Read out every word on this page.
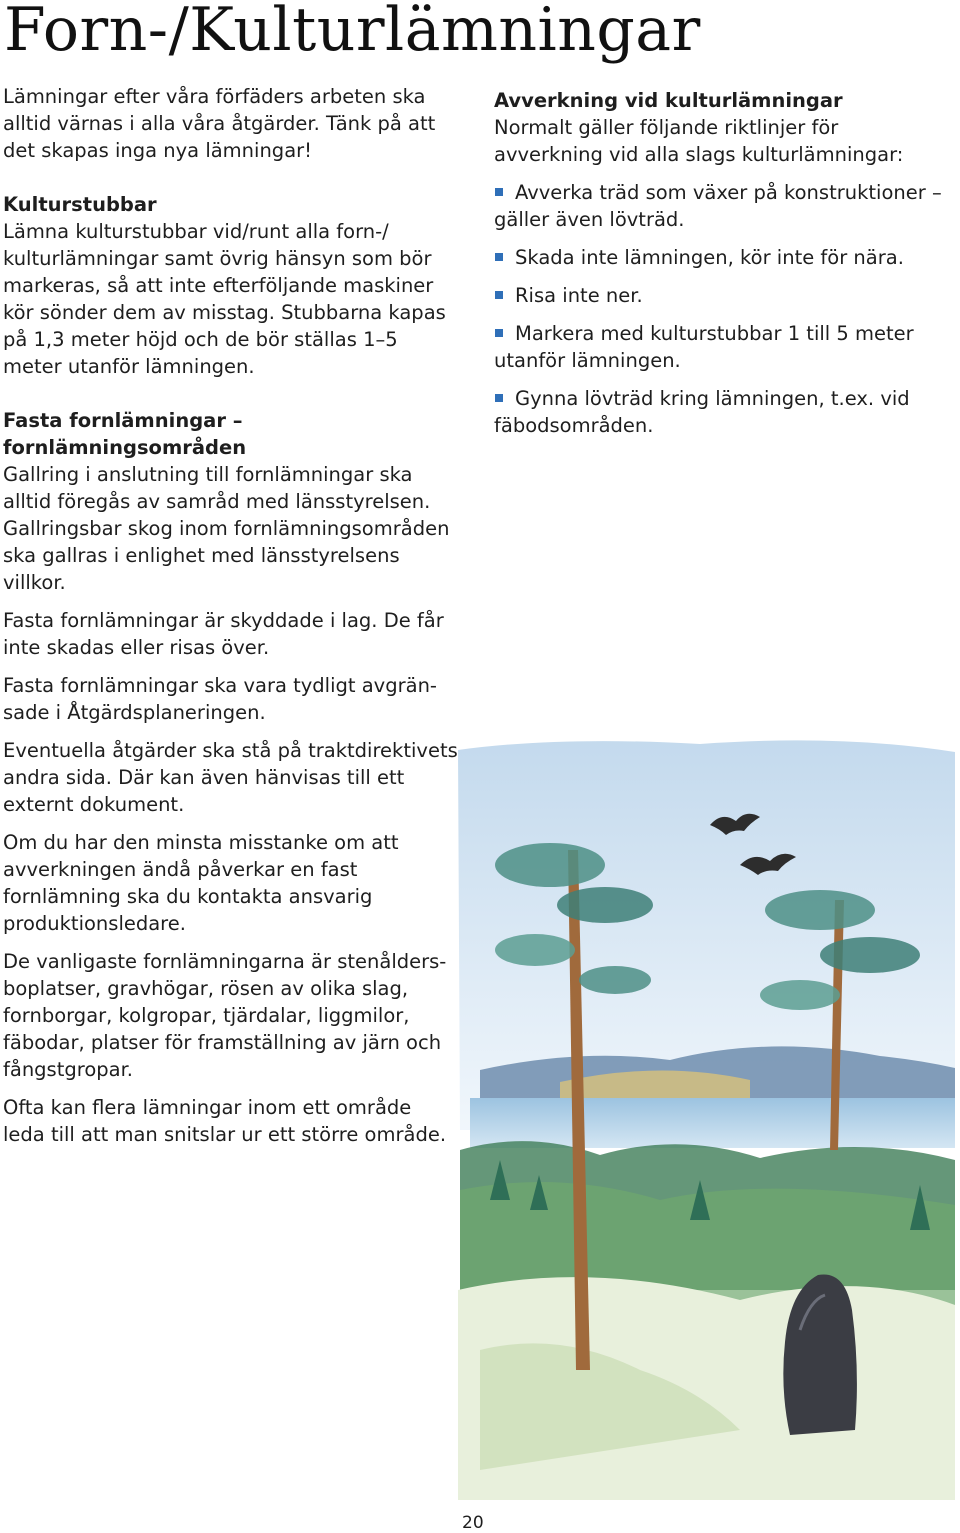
Forn-/Kulturlämningar

Lämningar efter våra förfäders arbeten ska alltid värnas i alla våra åtgärder. Tänk på att det skapas inga nya lämningar!

Kulturstubbar

Lämna kulturstubbar vid/runt alla forn-/ kulturlämningar samt övrig hänsyn som bör markeras, så att inte efterföljande maskiner kör sönder dem av misstag. Stubbarna kapas på 1,3 meter höjd och de bör ställas 1–5 meter utanför lämningen.

Fasta fornlämningar – fornlämningsområden

Gallring i anslutning till fornlämningar ska alltid föregås av samråd med länsstyrelsen. Gallringsbar skog inom fornlämningsområden ska gallras i enlighet med länsstyrelsens villkor.

Fasta fornlämningar är skyddade i lag. De får inte skadas eller risas över.

Fasta fornlämningar ska vara tydligt avgrän-sade i Åtgärdsplaneringen.

Eventuella åtgärder ska stå på traktdirektivets andra sida. Där kan även hänvisas till ett externt dokument.

Om du har den minsta misstanke om att avverkningen ändå påverkar en fast fornlämning ska du kontakta ansvarig produktionsledare.

De vanligaste fornlämningarna är stenålders-boplatser, gravhögar, rösen av olika slag, fornborgar, kolgropar, tjärdalar, liggmilor, fäbodar, platser för framställning av järn och fångstgropar.

Ofta kan flera lämningar inom ett område leda till att man snitslar ur ett större område.

Avverkning vid kulturlämningar

Normalt gäller följande riktlinjer för avverkning vid alla slags kulturlämningar:

Avverka träd som växer på konstruktioner – gäller även lövträd.
Skada inte lämningen, kör inte för nära.
Risa inte ner.
Markera med kulturstubbar 1 till 5 meter utanför lämningen.
Gynna lövträd kring lämningen, t.ex. vid fäbodsområden.
20
